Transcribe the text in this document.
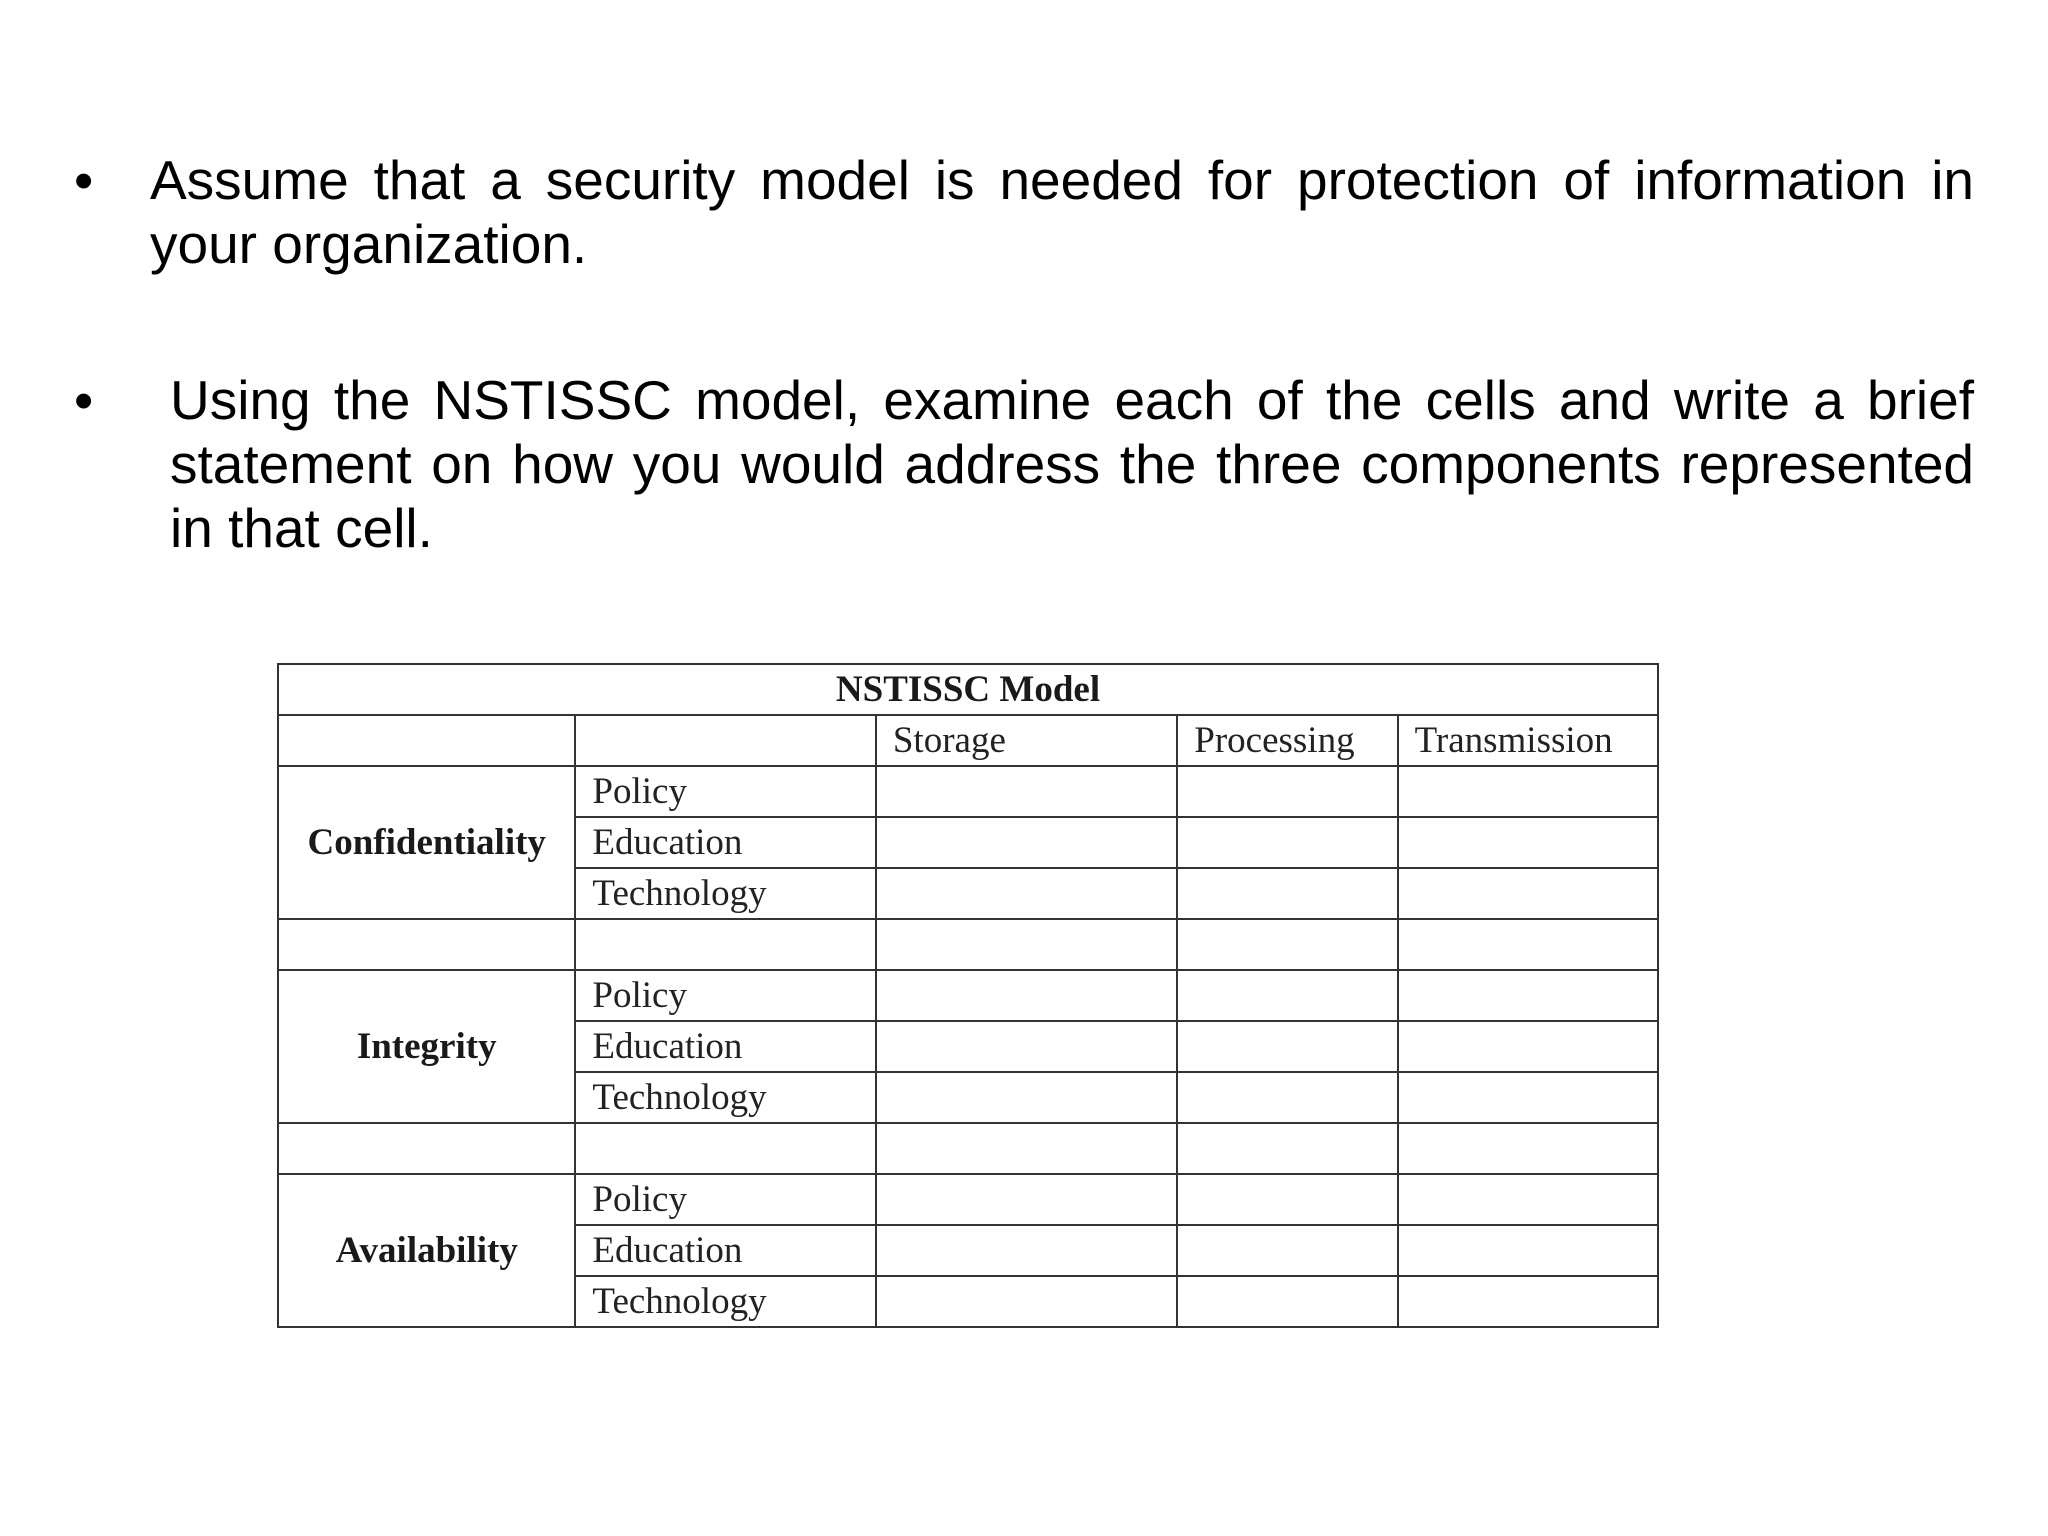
• Assume that a security model is needed for protection of information in your organization.
•	Using the NSTISSC model, examine each of the cells and write a brief statement on how you would address the three components represented in that cell.
NSTISSC Model				
		Storage	Processing	Transmission
Confidentiality	Policy			
	Education			
	Technology			

Integrity	Policy			
	Education			
	Technology			

Availability	Policy			
	Education			
	Technology			
